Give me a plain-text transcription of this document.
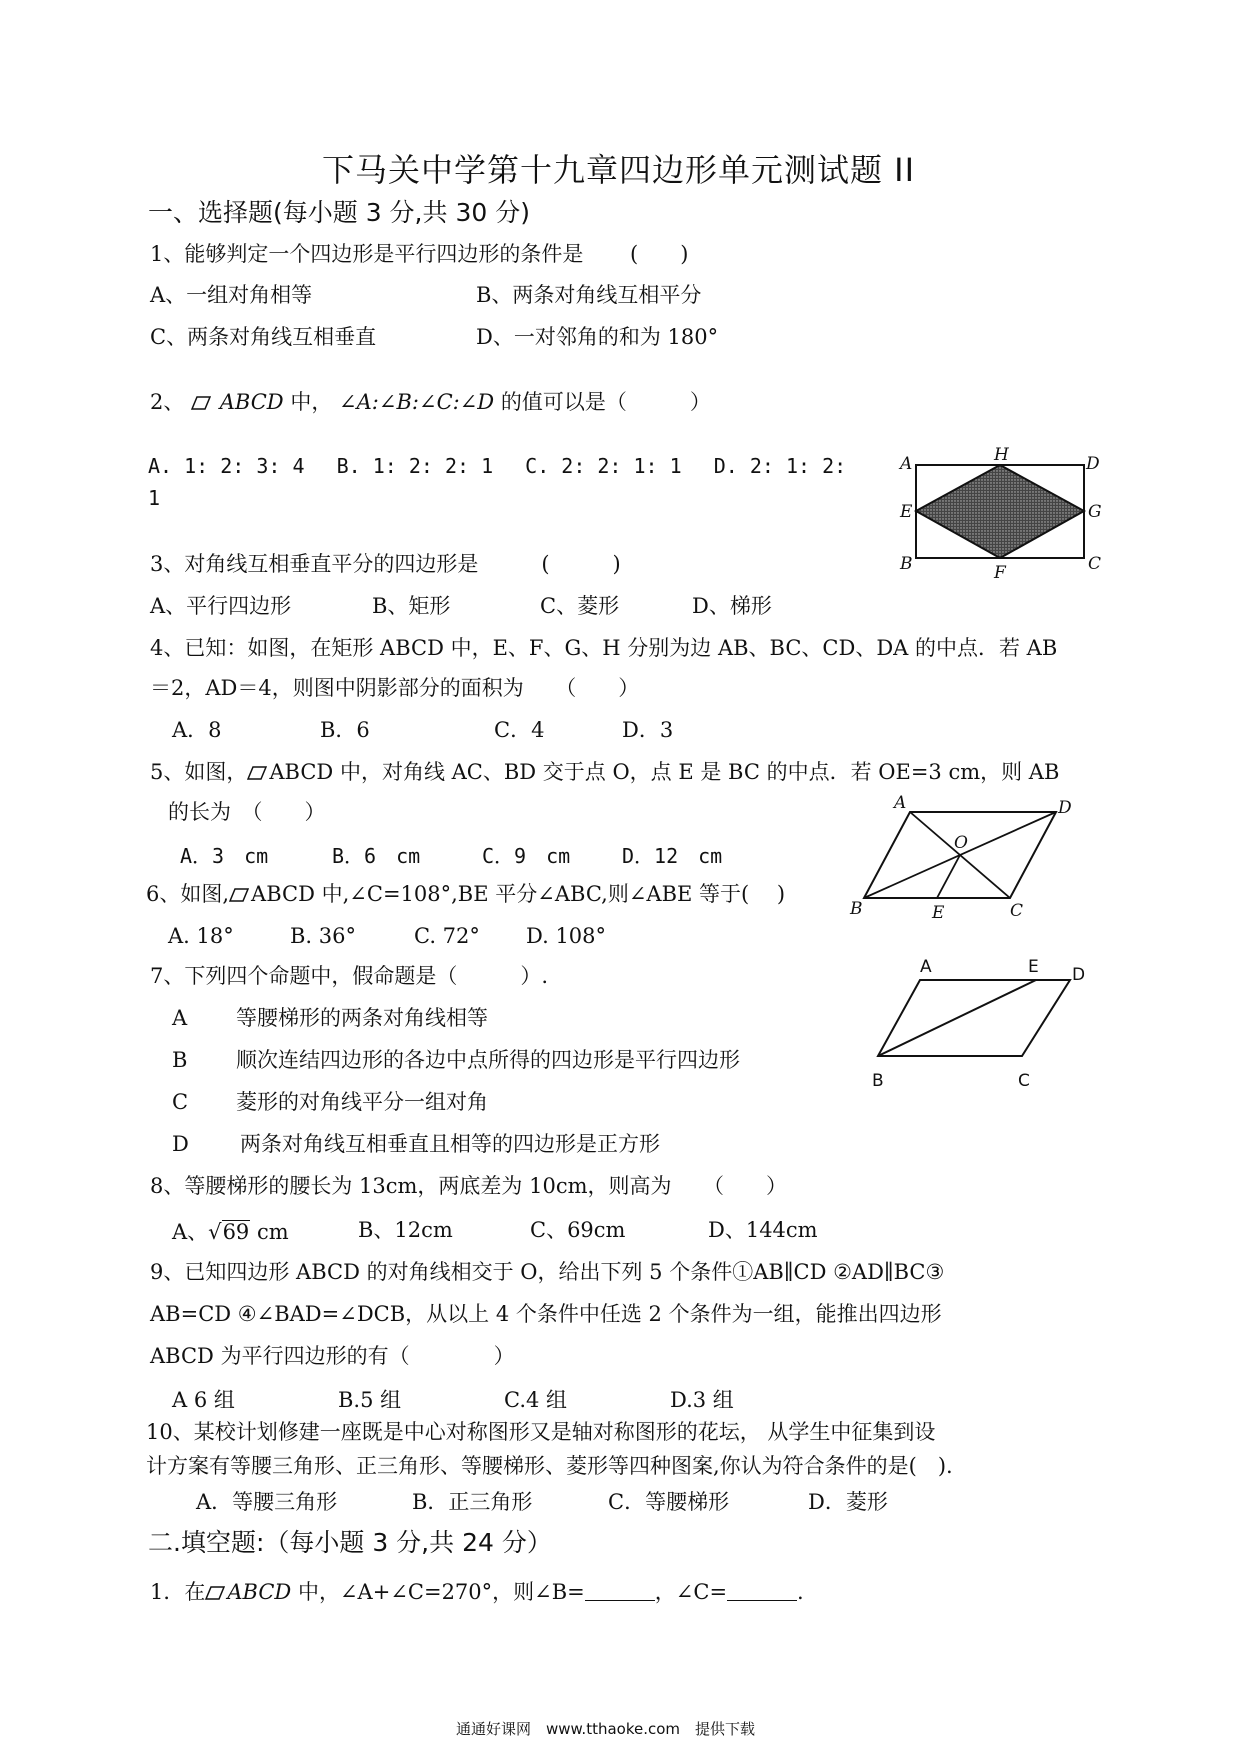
下马关中学第十九章四边形单元测试题 II
一、选择题(每小题 3 分,共 30 分)
1、能够判定一个四边形是平行四边形的条件是 (　　)
A、一组对角相等	B、两条对角线互相平分
C、两条对角线互相垂直	D、一对邻角的和为 180°
2、 ABCD 中， ∠A:∠B:∠C:∠D 的值可以是（　　　）
A. 1: 2: 3: 4　 B. 1: 2: 2: 1　 C. 2: 2: 1: 1　 D. 2: 1: 2:
1
A	H	D
E	G
B	F	C
3、对角线互相垂直平分的四边形是　　　(　　　)
A、平行四边形	B、矩形	C、菱形	D、梯形
4、已知：如图，在矩形 ABCD 中，E、F、G、H 分别为边 AB、BC、CD、DA 的中点．若 AB
＝2，AD＝4，则图中阴影部分的面积为　　（　　）
A．8	B．6	C．4	D．3
5、如图， ABCD 中，对角线 AC、BD 交于点 O，点 E 是 BC 的中点．若 OE=3 cm，则 AB
的长为　（　　）
A．3　cm	B．6　cm	C．9　cm	D．12　cm
A	D
O
B	E	C
6、如图, ABCD 中,∠C=108°,BE 平分∠ABC,则∠ABE 等于(　 )
A. 18°	B. 36°	C. 72° D. 108°
A	E D
B	C
7、下列四个命题中，假命题是（　　　）.
A 等腰梯形的两条对角线相等
B 顺次连结四边形的各边中点所得的四边形是平行四边形
C 菱形的对角线平分一组对角
D 两条对角线互相垂直且相等的四边形是正方形
8、等腰梯形的腰长为 13cm，两底差为 10cm，则高为　　（　　）
A、√69 cm	B、12cm	C、69cm	D、144cm
9、已知四边形 ABCD 的对角线相交于 O，给出下列 5 个条件①AB∥CD ②AD∥BC③
AB=CD ④∠BAD=∠DCB，从以上 4 个条件中任选 2 个条件为一组，能推出四边形
ABCD 为平行四边形的有（　　　　）
A 6 组	B.5 组	C.4 组	D.3 组
10、某校计划修建一座既是中心对称图形又是轴对称图形的花坛， 从学生中征集到设
计方案有等腰三角形、正三角形、等腰梯形、菱形等四种图案,你认为符合条件的是(　).
A．等腰三角形	B．正三角形	C．等腰梯形	D．菱形
二.填空题:（每小题 3 分,共 24 分）
1．在 ABCD 中，∠A+∠C=270°，则∠B=	，∠C=	.
通通好课网　www.tthaoke.com　提供下载
